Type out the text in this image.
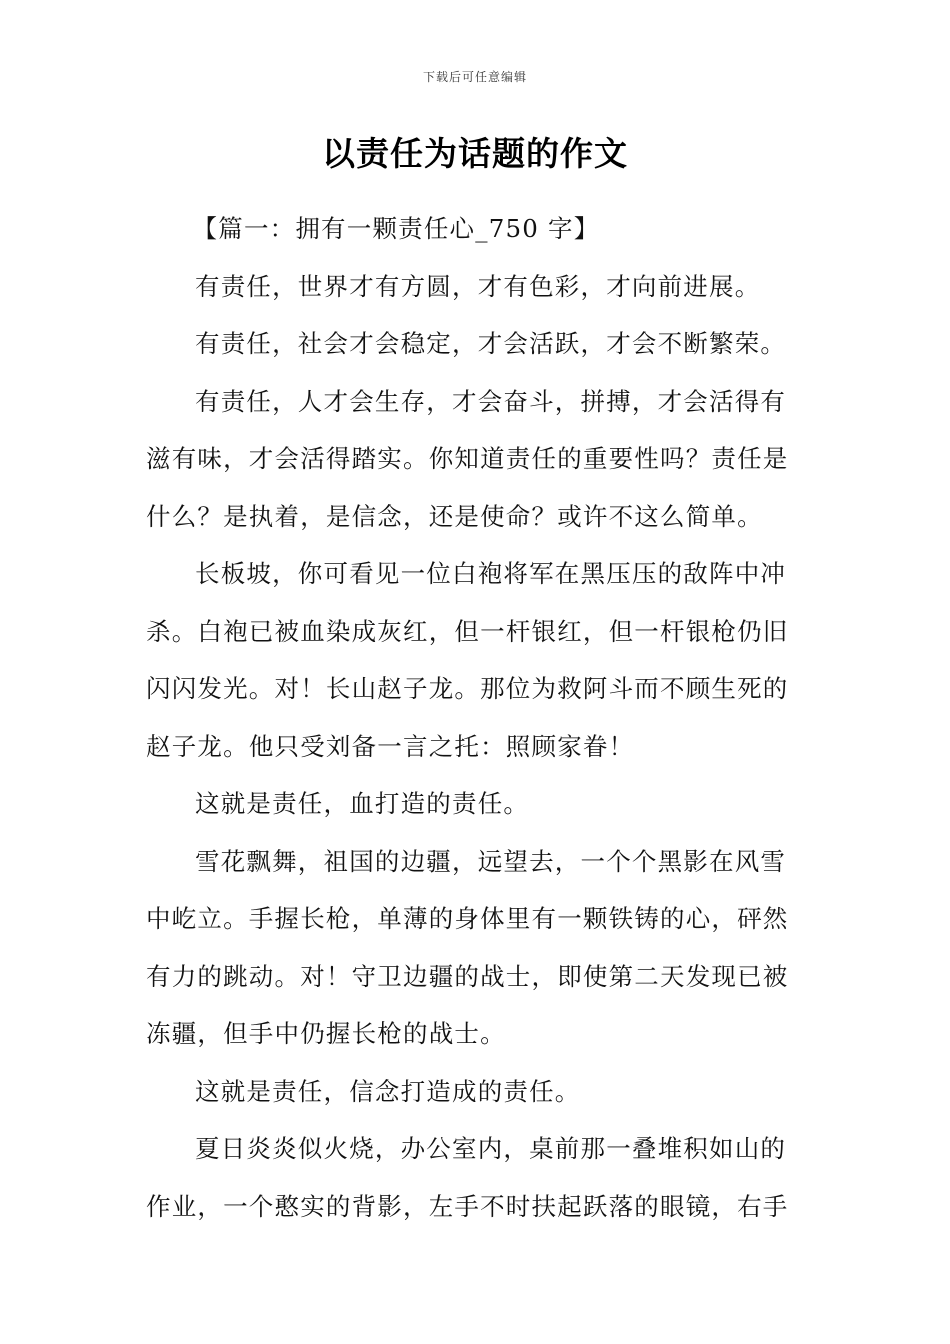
下载后可任意编辑
以责任为话题的作文

【篇一：拥有一颗责任心_750 字】

有责任，世界才有方圆，才有色彩，才向前进展。

有责任，社会才会稳定，才会活跃，才会不断繁荣。

有责任，人才会生存，才会奋斗，拼搏，才会活得有滋有味，才会活得踏实。你知道责任的重要性吗？责任是什么？是执着，是信念，还是使命？或许不这么简单。

长板坡，你可看见一位白袍将军在黑压压的敌阵中冲杀。白袍已被血染成灰红，但一杆银红，但一杆银枪仍旧闪闪发光。对！长山赵子龙。那位为救阿斗而不顾生死的赵子龙。他只受刘备一言之托：照顾家眷！

这就是责任，血打造的责任。

雪花飘舞，祖国的边疆，远望去，一个个黑影在风雪中屹立。手握长枪，单薄的身体里有一颗铁铸的心，砰然有力的跳动。对！守卫边疆的战士，即使第二天发现已被冻疆，但手中仍握长枪的战士。

这就是责任，信念打造成的责任。

夏日炎炎似火烧，办公室内，桌前那一叠堆积如山的作业，一个憨实的背影，左手不时扶起跃落的眼镜，右手
